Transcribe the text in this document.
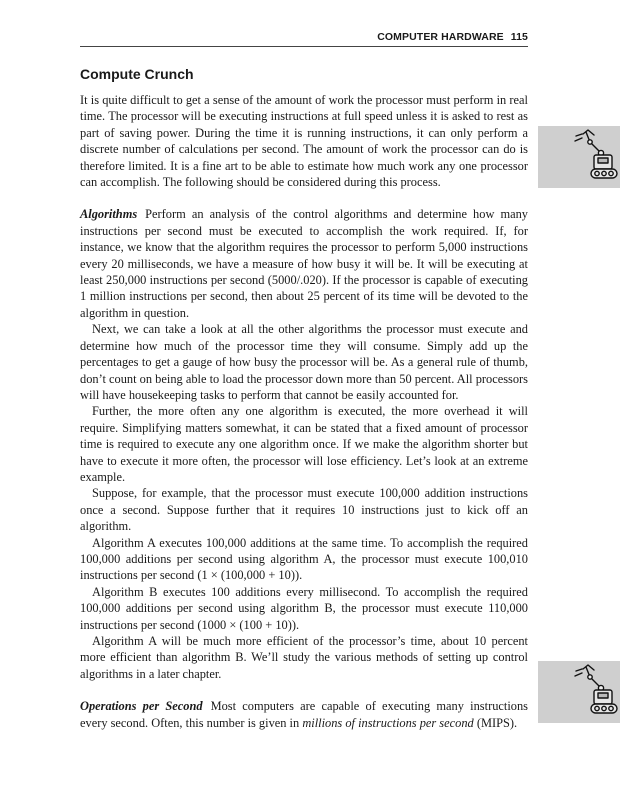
COMPUTER HARDWARE 115
Compute Crunch

It is quite difficult to get a sense of the amount of work the processor must perform in real time. The processor will be executing instructions at full speed unless it is asked to rest as part of saving power. During the time it is running instructions, it can only perform a discrete number of calculations per second. The amount of work the processor can do is therefore limited. It is a fine art to be able to estimate how much work any one processor can accomplish. The following should be considered during this process.

Algorithms Perform an analysis of the control algorithms and determine how many instructions per second must be executed to accomplish the work required. If, for instance, we know that the algorithm requires the processor to perform 5,000 instructions every 20 milliseconds, we have a measure of how busy it will be. It will be executing at least 250,000 instructions per second (5000/.020). If the processor is capable of executing 1 million instructions per second, then about 25 percent of its time will be devoted to the algorithm in question.

Next, we can take a look at all the other algorithms the processor must execute and determine how much of the processor time they will consume. Simply add up the percentages to get a gauge of how busy the processor will be. As a general rule of thumb, don’t count on being able to load the processor down more than 50 percent. All processors will have housekeeping tasks to perform that cannot be easily accounted for.

Further, the more often any one algorithm is executed, the more overhead it will require. Simplifying matters somewhat, it can be stated that a fixed amount of processor time is required to execute any one algorithm once. If we make the algorithm shorter but have to execute it more often, the processor will lose efficiency. Let’s look at an extreme example.

Suppose, for example, that the processor must execute 100,000 addition instructions once a second. Suppose further that it requires 10 instructions just to kick off an algorithm.

Algorithm A executes 100,000 additions at the same time. To accomplish the required 100,000 additions per second using algorithm A, the processor must execute 100,010 instructions per second (1 × (100,000 + 10)).

Algorithm B executes 100 additions every millisecond. To accomplish the required 100,000 additions per second using algorithm B, the processor must execute 110,000 instructions per second (1000 × (100 + 10)).

Algorithm A will be much more efficient of the processor’s time, about 10 percent more efficient than algorithm B. We’ll study the various methods of setting up control algorithms in a later chapter.

Operations per Second Most computers are capable of executing many instructions every second. Often, this number is given in millions of instructions per second (MIPS).
